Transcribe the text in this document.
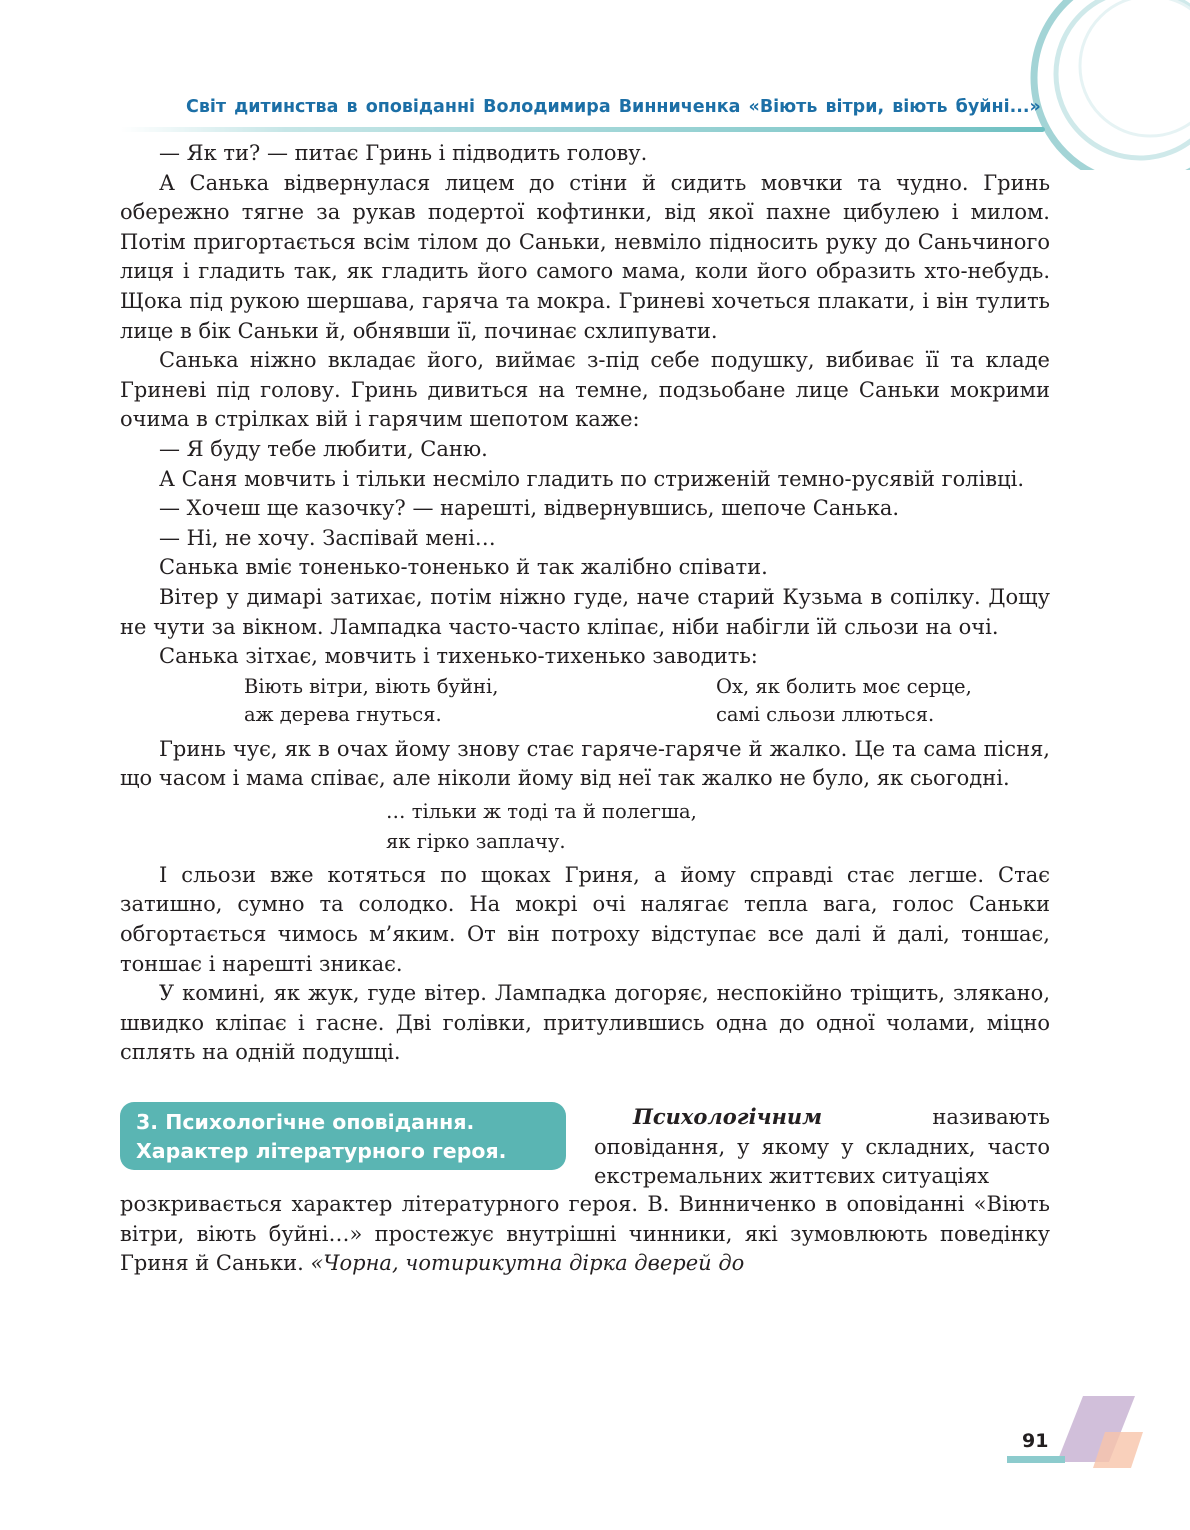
Світ дитинства в оповіданні Володимира Винниченка «Віють вітри, віють буйні...»

— Як ти? — питає Гринь і підводить голову.

А Санька відвернулася лицем до стіни й сидить мовчки та чудно. Гринь обережно тягне за рукав подертої кофтинки, від якої пахне цибулею і милом. Потім пригортається всім тілом до Саньки, невміло підносить руку до Саньчиного лиця і гладить так, як гладить його самого мама, коли його образить хто-небудь. Щока під рукою шершава, гаряча та мокра. Гриневі хочеться плакати, і він тулить лице в бік Саньки й, обнявши її, починає схлипувати.

Санька ніжно вкладає його, виймає з-під себе подушку, вибиває її та кладе Гриневі під голову. Гринь дивиться на темне, подзьобане лице Саньки мокрими очима в стрілках вій і гарячим шепотом каже:

— Я буду тебе любити, Саню.

А Саня мовчить і тільки несміло гладить по стриженій темно-русявій голівці.

— Хочеш ще казочку? — нарешті, відвернувшись, шепоче Санька.

— Ні, не хочу. Заспівай мені…

Санька вміє тоненько-тоненько й так жалібно співати.

Вітер у димарі затихає, потім ніжно гуде, наче старий Кузьма в сопілку. Дощу не чути за вікном. Лампадка часто-часто кліпає, ніби набігли їй сльози на очі.

Санька зітхає, мовчить і тихенько-тихенько заводить:

Віють вітри, віють буйні,	Ох, як болить моє серце,
аж дерева гнуться.	самі сльози ллються.

Гринь чує, як в очах йому знову стає гаряче-гаряче й жалко. Це та сама пісня, що часом і мама співає, але ніколи йому від неї так жалко не було, як сьогодні.

… тільки ж тоді та й полегша,
як гірко заплачу.

І сльози вже котяться по щоках Гриня, а йому справді стає легше. Стає затишно, сумно та солодко. На мокрі очі налягає тепла вага, голос Саньки обгортається чимось м’яким. От він потроху відступає все далі й далі, тоншає, тоншає і нарешті зникає.

У комині, як жук, гуде вітер. Лампадка догоряє, неспокійно тріщить, злякано, швидко кліпає і гасне. Дві голівки, притулившись одна до одної чолами, міцно сплять на одній подушці.

3. Психологічне оповідання.
Характер літературного героя.

Психологічним називають оповідання, у якому у складних, часто екстремальних життєвих ситуаціях

розкривається характер літературного героя. В. Винниченко в оповіданні «Віють вітри, віють буйні…» простежує внутрішні чинники, які зумовлюють поведінку Гриня й Саньки. «Чорна, чотирикутна дірка дверей до

91
